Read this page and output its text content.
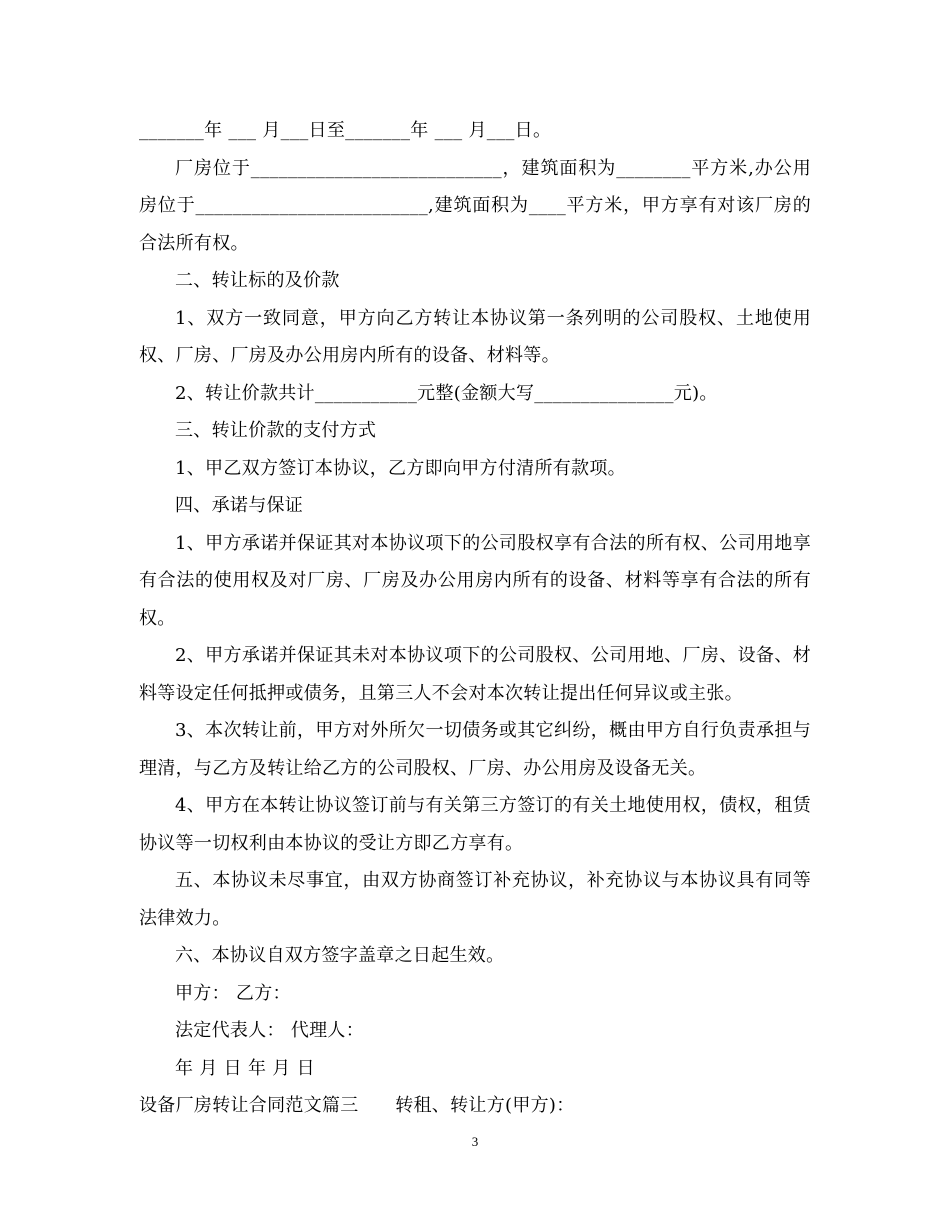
_______年 ___ 月___日至_______年 ___ 月___日。

厂房位于___________________________，建筑面积为________平方米,办公用房位于_________________________,建筑面积为____平方米，甲方享有对该厂房的合法所有权。

二、转让标的及价款

1、双方一致同意，甲方向乙方转让本协议第一条列明的公司股权、土地使用权、厂房、厂房及办公用房内所有的设备、材料等。

2、转让价款共计___________元整(金额大写_______________元)。

三、转让价款的支付方式

1、甲乙双方签订本协议，乙方即向甲方付清所有款项。

四、承诺与保证

1、甲方承诺并保证其对本协议项下的公司股权享有合法的所有权、公司用地享有合法的使用权及对厂房、厂房及办公用房内所有的设备、材料等享有合法的所有权。

2、甲方承诺并保证其未对本协议项下的公司股权、公司用地、厂房、设备、材料等设定任何抵押或债务，且第三人不会对本次转让提出任何异议或主张。

3、本次转让前，甲方对外所欠一切债务或其它纠纷，概由甲方自行负责承担与理清，与乙方及转让给乙方的公司股权、厂房、办公用房及设备无关。

4、甲方在本转让协议签订前与有关第三方签订的有关土地使用权，债权，租赁协议等一切权利由本协议的受让方即乙方享有。

五、本协议未尽事宜，由双方协商签订补充协议，补充协议与本协议具有同等法律效力。

六、本协议自双方签字盖章之日起生效。

甲方： 乙方：

法定代表人： 代理人：

年 月 日 年 月 日

设备厂房转让合同范文篇三　　转租、转让方(甲方)：

3
